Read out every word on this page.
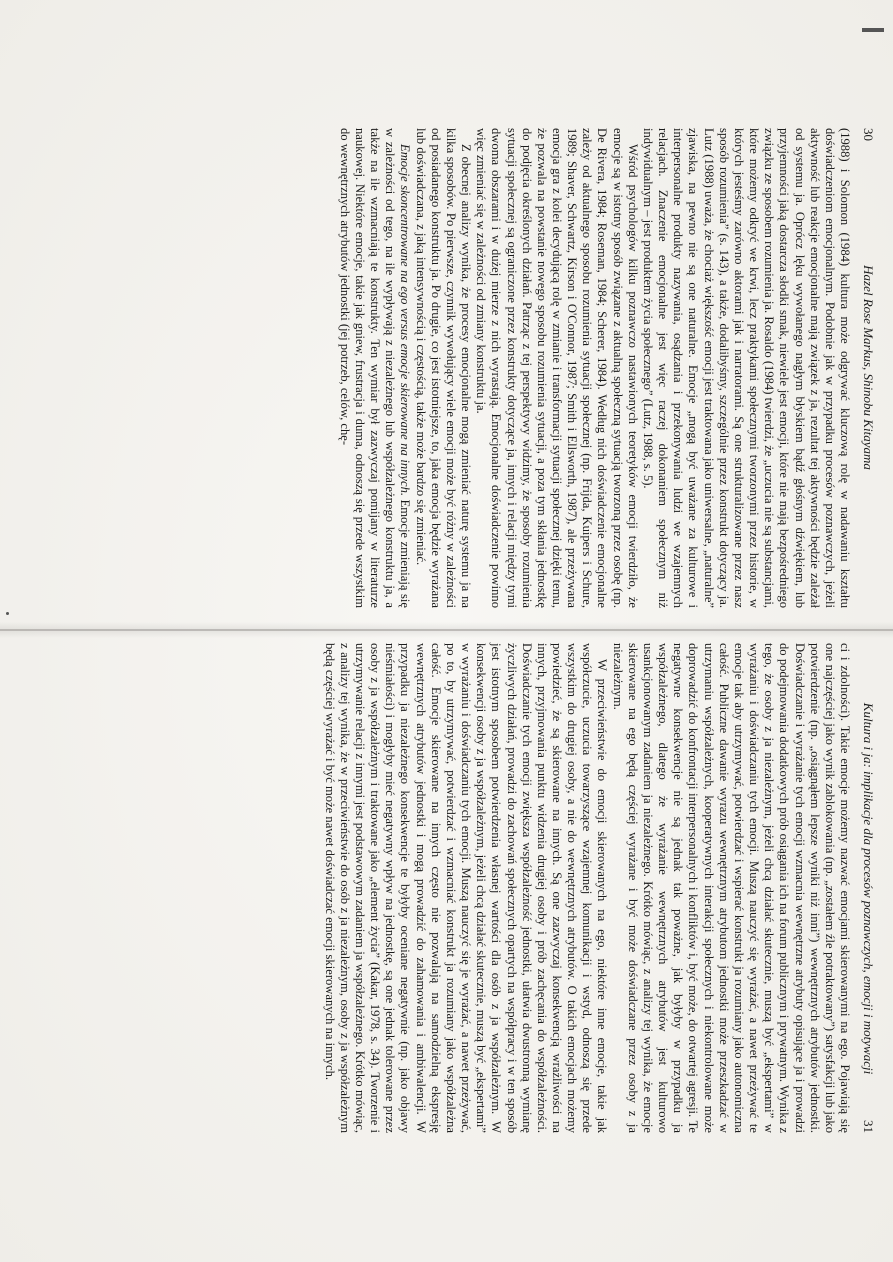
30
Hazel Rose Markus, Shinobu Kitayama

(1988) i Solomon (1984) kultura może odgrywać kluczową rolę w nadawaniu kształtu doświadczeniom emocjonalnym. Podobnie jak w przypadku procesów poznawczych, jeżeli aktywność lub reakcje emocjonalne mają związek z ja, rezultat tej aktywności będzie zależał od systemu ja. Oprócz lęku wywołanego nagłym błyskiem bądź głośnym dźwiękiem, lub przyjemności jaką dostarcza słodki smak, niewiele jest emocji, które nie mają bezpośredniego związku ze sposobem rozumienia ja. Rosaldo (1984) twierdzi, że „uczucia nie są substancjami, które możemy odkryć we krwi, lecz praktykami społecznymi tworzonymi przez historie, w których jesteśmy zarówno aktorami jak i narratorami. Są one strukturalizowane przez nasz sposób rozumienia” (s. 143), a także, dodalibyśmy, szczególnie przez konstrukt dotyczący ja. Lutz (1988) uważa, że chociaż większość emocji jest traktowana jako uniwersalne, „naturalne” zjawiska, na pewno nie są one naturalne. Emocje „mogą być uważane za kulturowe i interpersonalne produkty nazywania, osądzania i przekonywania ludzi we wzajemnych relacjach. Znaczenie emocjonalne jest więc raczej dokonaniem społecznym niż indywidualnym – jest produktem życia społecznego” (Lutz, 1988, s. 5).

Wśród psychologów kilku poznawczo nastawionych teoretyków emocji twierdziło, że emocje są w istotny sposób związane z aktualną społeczną sytuacją tworzoną przez osobę (np. De Rivera, 1984; Roseman, 1984; Scherer, 1984). Według nich doświadczenie emocjonalne zależy od aktualnego sposobu rozumienia sytuacji społecznej (np. Frijda, Kuipers i Schure, 1989; Shaver, Schwartz, Kirson i O'Connor, 1987; Smith i Ellsworth, 1987), ale przeżywana emocja gra z kolei decydującą rolę w zmianie i transformacji sytuacji społecznej dzięki temu, że pozwala na powstanie nowego sposobu rozumienia sytuacji, a poza tym skłania jednostkę do podjęcia określonych działań. Patrząc z tej perspektywy widzimy, że sposoby rozumienia sytuacji społecznej są ograniczone przez konstrukty dotyczące ja, innych i relacji między tymi dwoma obszarami i w dużej mierze z nich wyrastają. Emocjonalne doświadczenie powinno więc zmieniać się w zależności od zmiany konstruktu ja.

Z obecnej analizy wynika, że procesy emocjonalne mogą zmieniać naturę systemu ja na kilka sposobów. Po pierwsze, czynnik wywołujący wiele emocji może być różny w zależności od posiadanego konstruktu ja. Po drugie, co jest istotniejsze, to, jaka emocja będzie wyrażana lub doświadczana, z jaką intensywnością i częstością, także może bardzo się zmieniać.

Emocje skoncentrowane na ego versus emocje skierowane na innych. Emocje zmieniają się w zależności od tego, na ile wypływają z niezależnego lub współzależnego konstruktu ja, a także na ile wzmacniają te konstrukty. Ten wymiar był zazwyczaj pomijany w literaturze naukowej. Niektóre emocje, takie jak gniew, frustracja i duma, odnoszą się przede wszystkim do wewnętrznych atrybutów jednostki (jej potrzeb, celów, chę-

Kultura i ja: implikacje dla procesów poznawczych, emocji i motywacji
31

ci i zdolności). Takie emocje możemy nazwać emocjami skierowanymi na ego. Pojawiają się one najczęściej jako wynik zablokowania (np. „zostałem źle potraktowany”) satysfakcji lub jako potwierdzenie (np. „osiągnąłem lepsze wyniki niż inni”) wewnętrznych atrybutów jednostki. Doświadczanie i wyrażanie tych emocji wzmacnia wewnętrzne atrybuty opisujące ja i prowadzi do podejmowania dodatkowych prób osiągania ich na forum publicznym i prywatnym. Wynika z tego, że osoby z ja niezależnym, jeżeli chcą działać skutecznie, muszą być „ekspertami” w wyrażaniu i doświadczaniu tych emocji. Muszą nauczyć się wyrażać, a nawet przeżywać te emocje tak aby utrzymywać, potwierdzać i wspierać konstrukt ja rozumiany jako autonomiczna całość. Publiczne dawanie wyrazu wewnętrznym atrybutom jednostki może przeszkadzać w utrzymaniu współzależnych, kooperatywnych interakcji społecznych i niekontrolowane może doprowadzić do konfrontacji interpersonalnych i konfliktów i, być może, do otwartej agresji. Te negatywne konsekwencje nie są jednak tak poważne, jak byłyby w przypadku ja współzależnego, dlatego że wyrażanie wewnętrznych atrybutów jest kulturowo usankcjonowanym zadaniem ja niezależnego. Krótko mówiąc, z analizy tej wynika, że emocje skierowane na ego będą częściej wyrażane i być może doświadczane przez osoby z ja niezależnym.

W przeciwieństwie do emocji skierowanych na ego, niektóre inne emocje, takie jak współczucie, uczucia towarzyszące wzajemnej komunikacji i wstyd, odnoszą się przede wszystkim do drugiej osoby, a nie do wewnętrznych atrybutów. O takich emocjach możemy powiedzieć, że są skierowane na innych. Są one zazwyczaj konsekwencją wrażliwości na innych, przyjmowania punktu widzenia drugiej osoby i prób zachęcania do współzależności. Doświadczanie tych emocji zwiększa współzależność jednostki, ułatwia dwustronną wymianę życzliwych działań, prowadzi do zachowań społecznych opartych na współpracy i w ten sposób jest istotnym sposobem potwierdzenia własnej wartości dla osób z ja współzależnym. W konsekwencji osoby z ja współzależnym, jeżeli chcą działać skutecznie, muszą być „ekspertami” w wyrażaniu i doświadczaniu tych emocji. Muszą nauczyć się je wyrażać, a nawet przeżywać, po to, by utrzymywać, potwierdzać i wzmacniać konstrukt ja rozumiany jako współzależna całość. Emocje skierowane na innych często nie pozwalają na samodzielną ekspresję wewnętrznych atrybutów jednostki i mogą prowadzić do zahamowania i ambiwalencji. W przypadku ja niezależnego konsekwencje te byłyby oceniane negatywnie (np. jako objawy nieśmiałości) i mogłyby mieć negatywny wpływ na jednostkę, są one jednak tolerowane przez osoby z ja współzależnym i traktowane jako „element życia” (Kakar, 1978, s. 34). Tworzenie i utrzymywanie relacji z innymi jest podstawowym zadaniem ja współzależnego. Krótko mówiąc, z analizy tej wynika, że w przeciwieństwie do osób z ja niezależnym, osoby z ja współzależnym będą częściej wyrażać i być może nawet doświadczać emocji skierowanych na innych.
